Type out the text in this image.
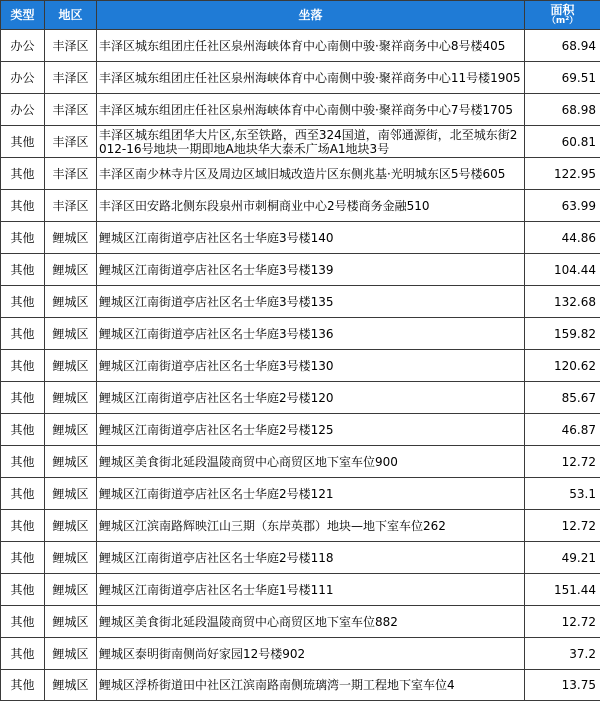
类型	地区	坐落	面积
（m²）

办公	丰泽区	丰泽区城东组团庄任社区泉州海峡体育中心南侧中骏·聚祥商务中心8号楼405	68.94
办公	丰泽区	丰泽区城东组团庄任社区泉州海峡体育中心南侧中骏·聚祥商务中心11号楼1905	69.51
办公	丰泽区	丰泽区城东组团庄任社区泉州海峡体育中心南侧中骏·聚祥商务中心7号楼1705	68.98
其他	丰泽区	丰泽区城东组团华大片区,东至铁路，西至324国道，南邻通源街，北至城东街2012-16号地块一期即地A地块华大泰禾广场A1地块3号	60.81
其他	丰泽区	丰泽区南少林寺片区及周边区域旧城改造片区东侧兆基·光明城东区5号楼605	122.95
其他	丰泽区	丰泽区田安路北侧东段泉州市刺桐商业中心2号楼商务金融510	63.99
其他	鲤城区	鲤城区江南街道亭店社区名士华庭3号楼140	44.86
其他	鲤城区	鲤城区江南街道亭店社区名士华庭3号楼139	104.44
其他	鲤城区	鲤城区江南街道亭店社区名士华庭3号楼135	132.68
其他	鲤城区	鲤城区江南街道亭店社区名士华庭3号楼136	159.82
其他	鲤城区	鲤城区江南街道亭店社区名士华庭3号楼130	120.62
其他	鲤城区	鲤城区江南街道亭店社区名士华庭2号楼120	85.67
其他	鲤城区	鲤城区江南街道亭店社区名士华庭2号楼125	46.87
其他	鲤城区	鲤城区美食街北延段温陵商贸中心商贸区地下室车位900	12.72
其他	鲤城区	鲤城区江南街道亭店社区名士华庭2号楼121	53.1
其他	鲤城区	鲤城区江滨南路辉映江山三期（东岸英郡）地块—地下室车位262	12.72
其他	鲤城区	鲤城区江南街道亭店社区名士华庭2号楼118	49.21
其他	鲤城区	鲤城区江南街道亭店社区名士华庭1号楼111	151.44
其他	鲤城区	鲤城区美食街北延段温陵商贸中心商贸区地下室车位882	12.72
其他	鲤城区	鲤城区泰明街南侧尚好家园12号楼902	37.2
其他	鲤城区	鲤城区浮桥街道田中社区江滨南路南侧琉璃湾一期工程地下室车位4	13.75
